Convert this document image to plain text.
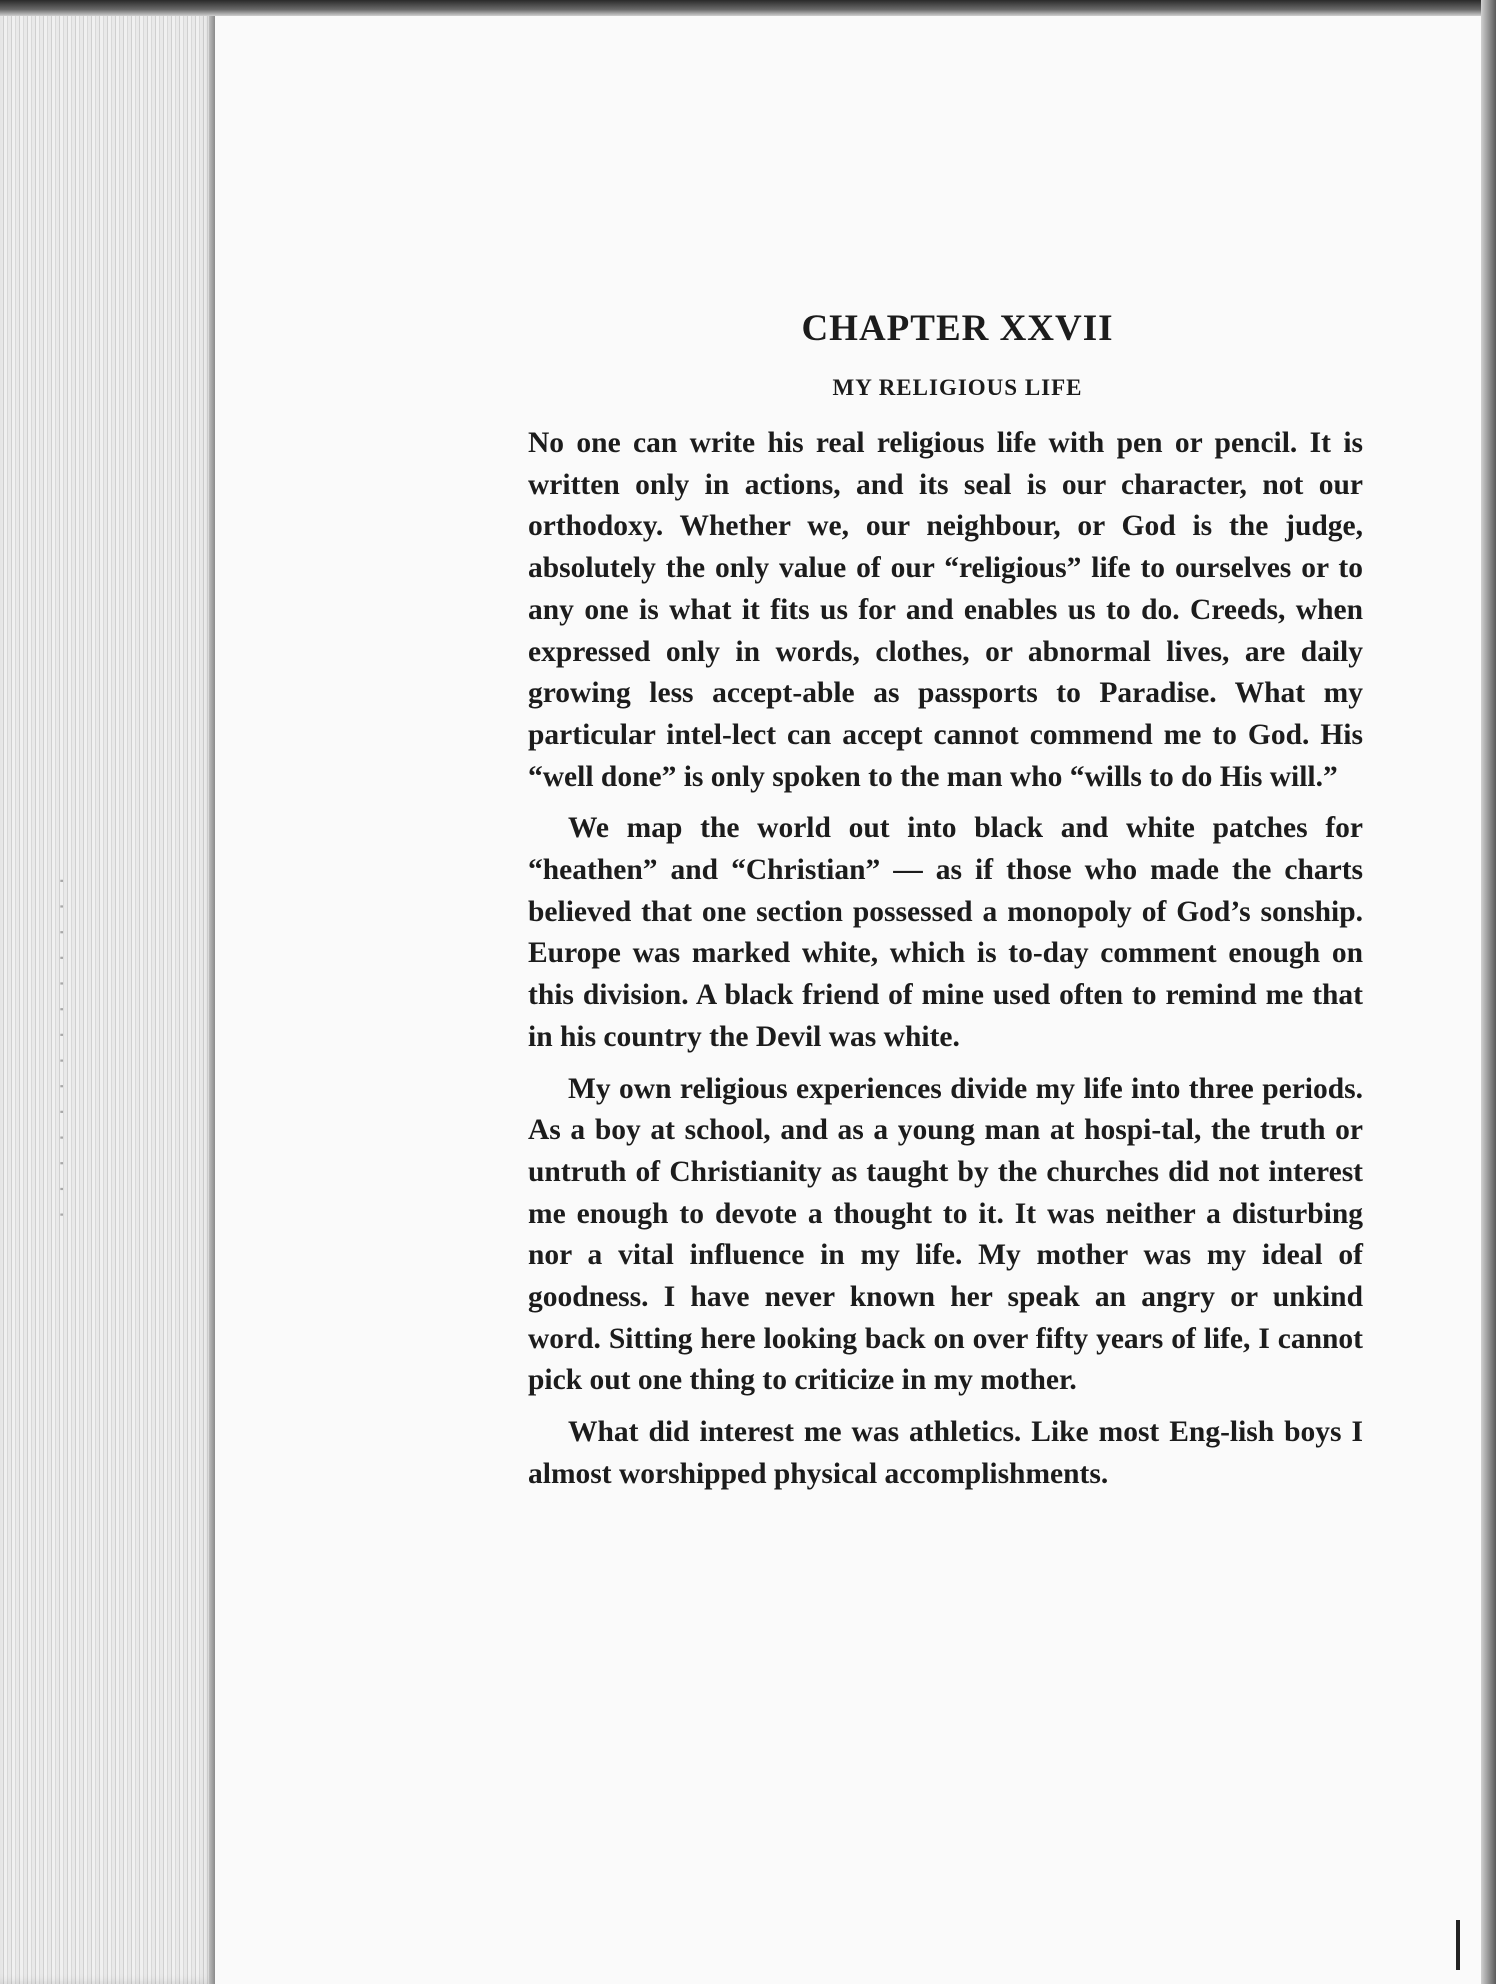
· · · · · · · · · · · · · ·
CHAPTER XXVII
MY RELIGIOUS LIFE

No one can write his real religious life with pen or pencil. It is written only in actions, and its seal is our character, not our orthodoxy. Whether we, our neighbour, or God is the judge, absolutely the only value of our “religious” life to ourselves or to any one is what it fits us for and enables us to do. Creeds, when expressed only in words, clothes, or abnormal lives, are daily growing less accept-able as passports to Paradise. What my particular intel-lect can accept cannot commend me to God. His “well done” is only spoken to the man who “wills to do His will.”

We map the world out into black and white patches for “heathen” and “Christian” — as if those who made the charts believed that one section possessed a monopoly of God’s sonship. Europe was marked white, which is to-day comment enough on this division. A black friend of mine used often to remind me that in his country the Devil was white.

My own religious experiences divide my life into three periods. As a boy at school, and as a young man at hospi-tal, the truth or untruth of Christianity as taught by the churches did not interest me enough to devote a thought to it. It was neither a disturbing nor a vital influence in my life. My mother was my ideal of goodness. I have never known her speak an angry or unkind word. Sitting here looking back on over fifty years of life, I cannot pick out one thing to criticize in my mother.

What did interest me was athletics. Like most Eng-lish boys I almost worshipped physical accomplishments.
